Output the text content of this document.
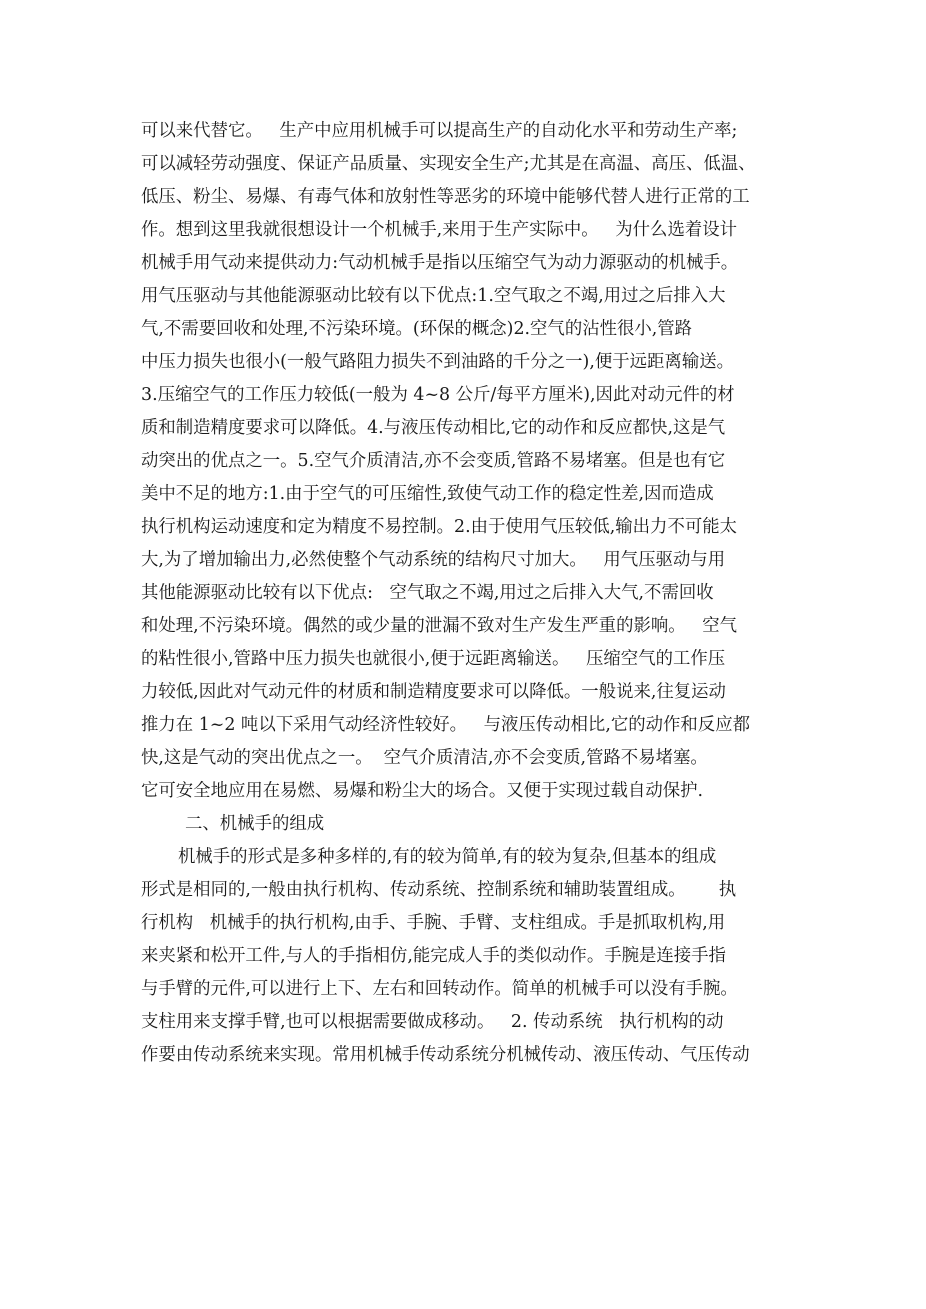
可以来代替它。   生产中应用机械手可以提高生产的自动化水平和劳动生产率;
可以减轻劳动强度、保证产品质量、实现安全生产;尤其是在高温、高压、低温、
低压、粉尘、易爆、有毒气体和放射性等恶劣的环境中能够代替人进行正常的工
作。想到这里我就很想设计一个机械手,来用于生产实际中。   为什么选着设计
机械手用气动来提供动力:气动机械手是指以压缩空气为动力源驱动的机械手。
用气压驱动与其他能源驱动比较有以下优点:1.空气取之不竭,用过之后排入大
气,不需要回收和处理,不污染环境。(环保的概念)2.空气的沾性很小,管路
中压力损失也很小(一般气路阻力损失不到油路的千分之一),便于远距离输送。
3.压缩空气的工作压力较低(一般为 4~8 公斤/每平方厘米),因此对动元件的材
质和制造精度要求可以降低。4.与液压传动相比,它的动作和反应都快,这是气
动突出的优点之一。5.空气介质清洁,亦不会变质,管路不易堵塞。但是也有它
美中不足的地方:1.由于空气的可压缩性,致使气动工作的稳定性差,因而造成
执行机构运动速度和定为精度不易控制。2.由于使用气压较低,输出力不可能太
大,为了增加输出力,必然使整个气动系统的结构尺寸加大。   用气压驱动与用
其他能源驱动比较有以下优点:   空气取之不竭,用过之后排入大气,不需回收
和处理,不污染环境。偶然的或少量的泄漏不致对生产发生严重的影响。   空气
的粘性很小,管路中压力损失也就很小,便于远距离输送。   压缩空气的工作压
力较低,因此对气动元件的材质和制造精度要求可以降低。一般说来,往复运动
推力在 1~2 吨以下采用气动经济性较好。   与液压传动相比,它的动作和反应都
快,这是气动的突出优点之一。  空气介质清洁,亦不会变质,管路不易堵塞。
它可安全地应用在易燃、易爆和粉尘大的场合。又便于实现过载自动保护.
二、机械手的组成
机械手的形式是多种多样的,有的较为简单,有的较为复杂,但基本的组成
形式是相同的,一般由执行机构、传动系统、控制系统和辅助装置组成。      执
行机构   机械手的执行机构,由手、手腕、手臂、支柱组成。手是抓取机构,用
来夹紧和松开工件,与人的手指相仿,能完成人手的类似动作。手腕是连接手指
与手臂的元件,可以进行上下、左右和回转动作。简单的机械手可以没有手腕。
支柱用来支撑手臂,也可以根据需要做成移动。   2. 传动系统   执行机构的动
作要由传动系统来实现。常用机械手传动系统分机械传动、液压传动、气压传动
